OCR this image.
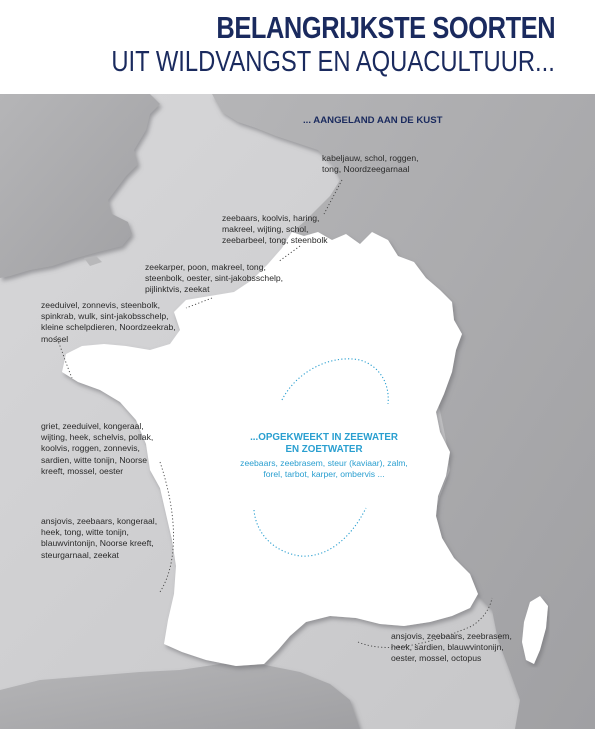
BELANGRIJKSTE SOORTEN
UIT WILDVANGST EN AQUACULTUUR...
... AANGELAND AAN DE KUST
kabeljauw, schol, roggen,
tong, Noordzeegarnaal
zeebaars, koolvis, haring,
makreel, wijting, schol,
zeebarbeel, tong, steenbolk
zeekarper, poon, makreel, tong,
steenbolk, oester, sint-jakobsschelp,
pijlinktvis, zeekat
zeeduivel, zonnevis, steenbolk,
spinkrab, wulk, sint-jakobsschelp,
kleine schelpdieren, Noordzeekrab,
mossel
griet, zeeduivel, kongeraal,
wijting, heek, schelvis, pollak,
koolvis, roggen, zonnevis,
sardien, witte tonijn, Noorse
kreeft, mossel, oester
ansjovis, zeebaars, kongeraal,
heek, tong, witte tonijn,
blauwvintonijn, Noorse kreeft,
steurgarnaal, zeekat
ansjovis, zeebaars, zeebrasem,
heek, sardien, blauwvintonijn,
oester, mossel, octopus
...OPGEKWEEKT IN ZEEWATER
EN ZOETWATER
zeebaars, zeebrasem, steur (kaviaar), zalm,
forel, tarbot, karper, ombervis ...
